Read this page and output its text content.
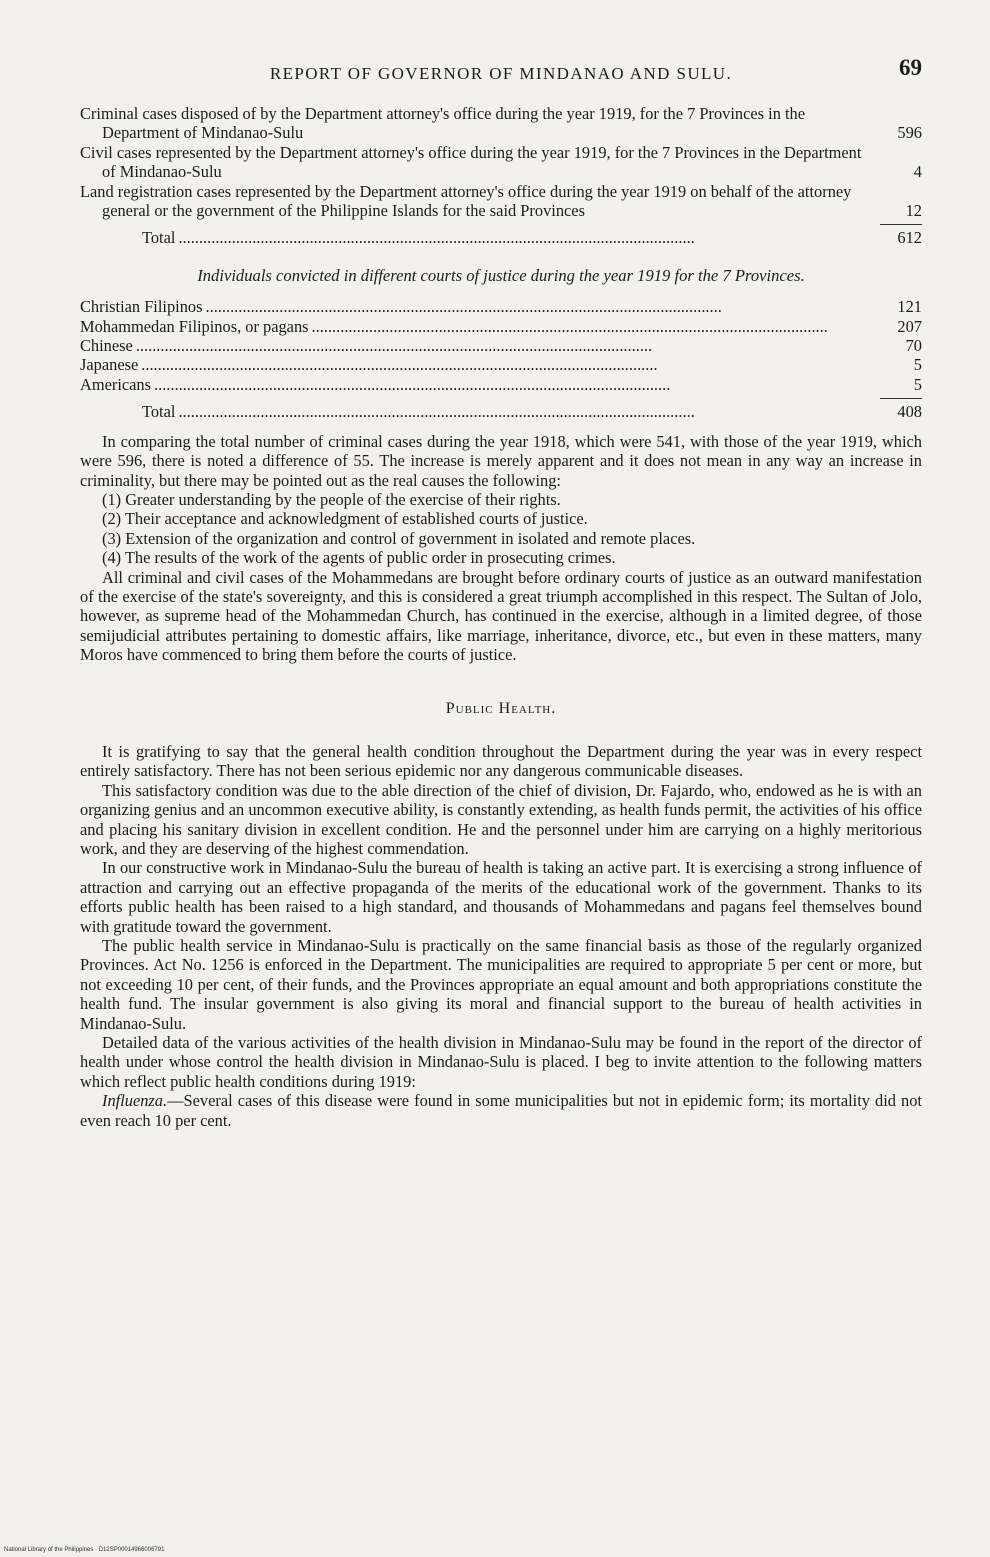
REPORT OF GOVERNOR OF MINDANAO AND SULU.	69
Criminal cases disposed of by the Department attorney's office during the year 1919, for the 7 Provinces in the Department of Mindanao-Sulu	596
Civil cases represented by the Department attorney's office during the year 1919, for the 7 Provinces in the Department of Mindanao-Sulu	4
Land registration cases represented by the Department attorney's office during the year 1919 on behalf of the attorney general or the government of the Philippine Islands for the said Provinces	12
Total ..............................................................................................................................	612
Individuals convicted in different courts of justice during the year 1919 for the 7 Provinces.
Christian Filipinos ..............................................................................................................................	121
Mohammedan Filipinos, or pagans ..............................................................................................................................	207
Chinese ..............................................................................................................................	70
Japanese ..............................................................................................................................	5
Americans ..............................................................................................................................	5
Total ..............................................................................................................................	408

In comparing the total number of criminal cases during the year 1918, which were 541, with those of the year 1919, which were 596, there is noted a difference of 55. The increase is merely apparent and it does not mean in any way an increase in criminality, but there may be pointed out as the real causes the following:

(1) Greater understanding by the people of the exercise of their rights.

(2) Their acceptance and acknowledgment of established courts of justice.

(3) Extension of the organization and control of government in isolated and remote places.

(4) The results of the work of the agents of public order in prosecuting crimes.

All criminal and civil cases of the Mohammedans are brought before ordinary courts of justice as an outward manifestation of the exercise of the state's sovereignty, and this is considered a great triumph accomplished in this respect. The Sultan of Jolo, however, as supreme head of the Mohammedan Church, has continued in the exercise, although in a limited degree, of those semijudicial attributes pertaining to domestic affairs, like marriage, inheritance, divorce, etc., but even in these matters, many Moros have commenced to bring them before the courts of justice.

Public Health.

It is gratifying to say that the general health condition throughout the Department during the year was in every respect entirely satisfactory. There has not been serious epidemic nor any dangerous communicable diseases.

This satisfactory condition was due to the able direction of the chief of division, Dr. Fajardo, who, endowed as he is with an organizing genius and an uncommon executive ability, is constantly extending, as health funds permit, the activities of his office and placing his sanitary division in excellent condition. He and the personnel under him are carrying on a highly meritorious work, and they are deserving of the highest commendation.

In our constructive work in Mindanao-Sulu the bureau of health is taking an active part. It is exercising a strong influence of attraction and carrying out an effective propaganda of the merits of the educational work of the government. Thanks to its efforts public health has been raised to a high standard, and thousands of Mohammedans and pagans feel themselves bound with gratitude toward the government.

The public health service in Mindanao-Sulu is practically on the same financial basis as those of the regularly organized Provinces. Act No. 1256 is enforced in the Department. The municipalities are required to appropriate 5 per cent or more, but not exceeding 10 per cent, of their funds, and the Provinces appropriate an equal amount and both appropriations constitute the health fund. The insular government is also giving its moral and financial support to the bureau of health activities in Mindanao-Sulu.

Detailed data of the various activities of the health division in Mindanao-Sulu may be found in the report of the director of health under whose control the health division in Mindanao-Sulu is placed. I beg to invite attention to the following matters which reflect public health conditions during 1919:

Influenza.—Several cases of this disease were found in some municipalities but not in epidemic form; its mortality did not even reach 10 per cent.

National Library of the Philippines · D12SP00014966006791
